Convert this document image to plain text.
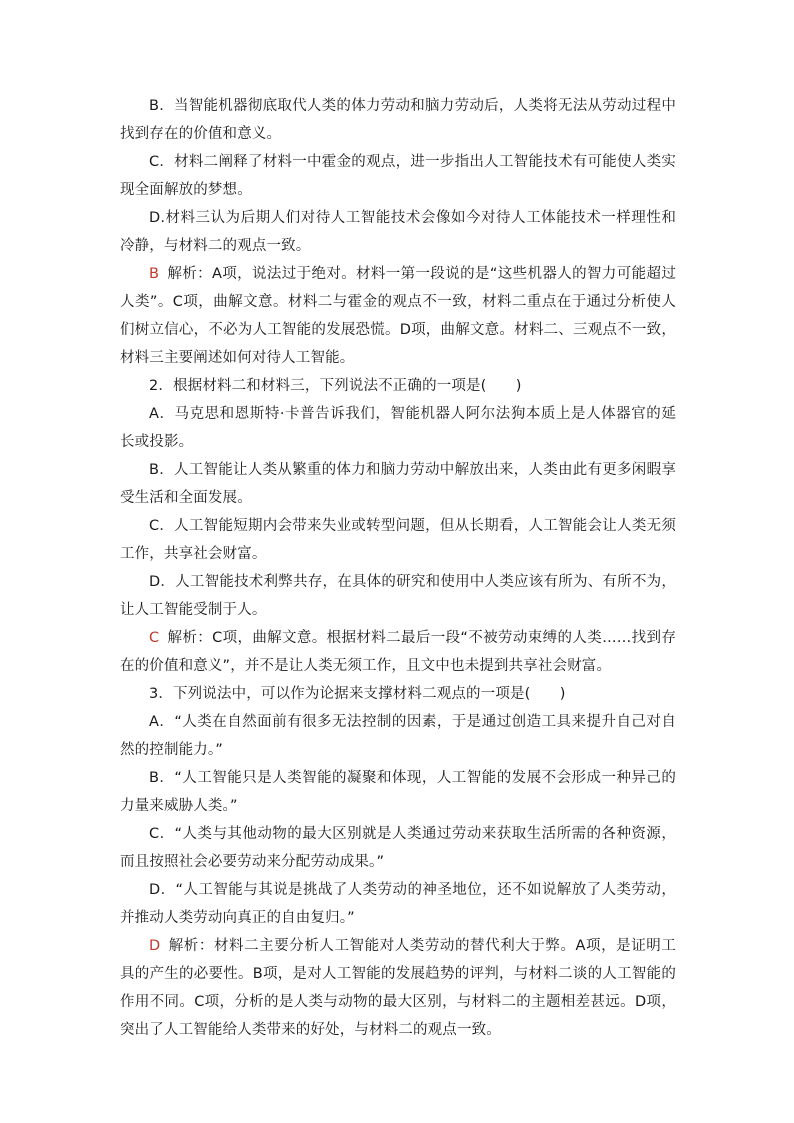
B．当智能机器彻底取代人类的体力劳动和脑力劳动后，人类将无法从劳动过程中找到存在的价值和意义。
C．材料二阐释了材料一中霍金的观点，进一步指出人工智能技术有可能使人类实现全面解放的梦想。
D.材料三认为后期人们对待人工智能技术会像如今对待人工体能技术一样理性和冷静，与材料二的观点一致。
B 解析：A项，说法过于绝对。材料一第一段说的是“这些机器人的智力可能超过人类”。C项，曲解文意。材料二与霍金的观点不一致，材料二重点在于通过分析使人们树立信心，不必为人工智能的发展恐慌。D项，曲解文意。材料二、三观点不一致，材料三主要阐述如何对待人工智能。
2．根据材料二和材料三，下列说法不正确的一项是(　　)
A．马克思和恩斯特·卡普告诉我们，智能机器人阿尔法狗本质上是人体器官的延长或投影。
B．人工智能让人类从繁重的体力和脑力劳动中解放出来，人类由此有更多闲暇享受生活和全面发展。
C．人工智能短期内会带来失业或转型问题，但从长期看，人工智能会让人类无须工作，共享社会财富。
D．人工智能技术利弊共存，在具体的研究和使用中人类应该有所为、有所不为，让人工智能受制于人。
C 解析：C项，曲解文意。根据材料二最后一段“不被劳动束缚的人类……找到存在的价值和意义”，并不是让人类无须工作，且文中也未提到共享社会财富。
3．下列说法中，可以作为论据来支撑材料二观点的一项是(　　)
A．“人类在自然面前有很多无法控制的因素，于是通过创造工具来提升自己对自然的控制能力。”
B．“人工智能只是人类智能的凝聚和体现，人工智能的发展不会形成一种异己的力量来威胁人类。”
C．“人类与其他动物的最大区别就是人类通过劳动来获取生活所需的各种资源，而且按照社会必要劳动来分配劳动成果。”
D．“人工智能与其说是挑战了人类劳动的神圣地位，还不如说解放了人类劳动，并推动人类劳动向真正的自由复归。”
D 解析：材料二主要分析人工智能对人类劳动的替代利大于弊。A项，是证明工具的产生的必要性。B项，是对人工智能的发展趋势的评判，与材料二谈的人工智能的作用不同。C项，分析的是人类与动物的最大区别，与材料二的主题相差甚远。D项，突出了人工智能给人类带来的好处，与材料二的观点一致。
